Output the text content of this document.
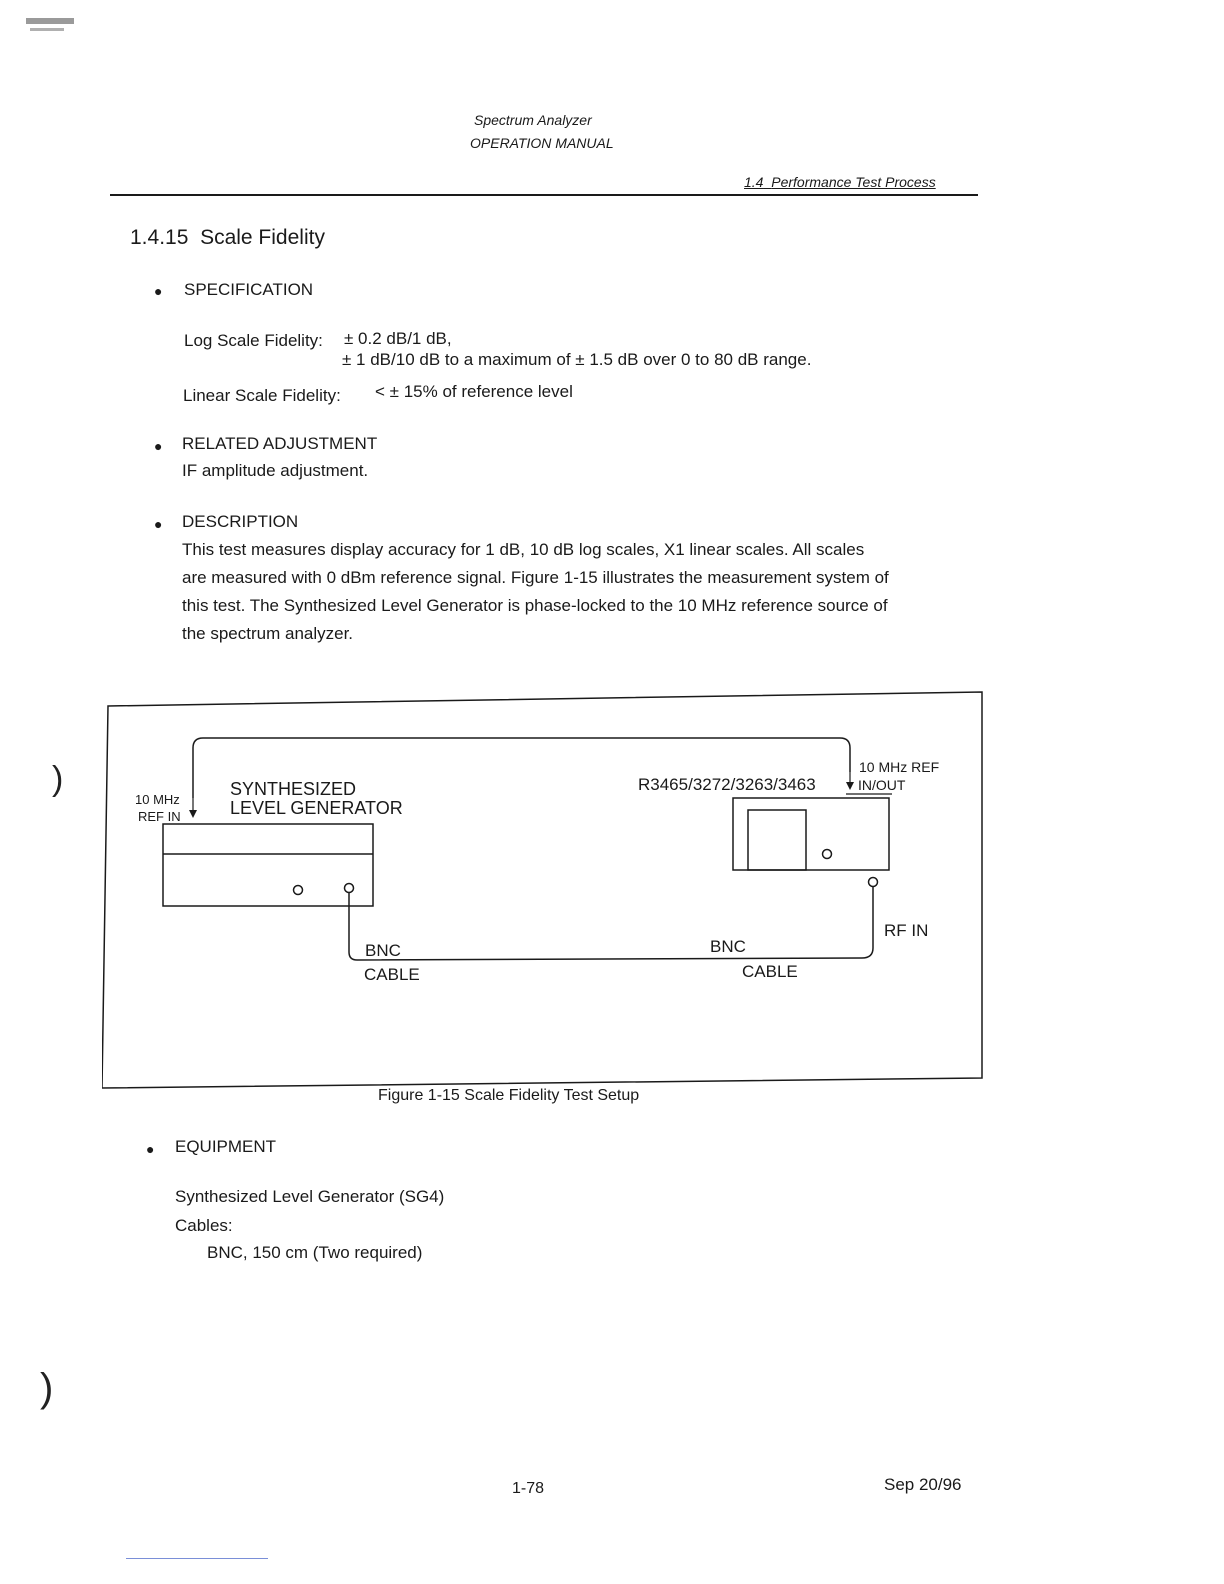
Spectrum Analyzer
OPERATION MANUAL
1.4 Performance Test Process
1.4.15 Scale Fidelity
● SPECIFICATION
Log Scale Fidelity: ± 0.2 dB/1 dB,
± 1 dB/10 dB to a maximum of ± 1.5 dB over 0 to 80 dB range.
Linear Scale Fidelity: < ± 15% of reference level
● RELATED ADJUSTMENT
IF amplitude adjustment.
● DESCRIPTION
This test measures display accuracy for 1 dB, 10 dB log scales, X1 linear scales. All scales
are measured with 0 dBm reference signal. Figure 1-15 illustrates the measurement system of
this test. The Synthesized Level Generator is phase-locked to the 10 MHz reference source of
the spectrum analyzer.
10 MHz
REF IN
SYNTHESIZED
LEVEL GENERATOR
R3465/3272/3263/3463
10 MHz REF
IN/OUT
RF IN
BNC
CABLE
BNC
CABLE
Figure 1-15 Scale Fidelity Test Setup
● EQUIPMENT
Synthesized Level Generator (SG4)
Cables:
BNC, 150 cm (Two required)
1-78	Sep 20/96
)
)
